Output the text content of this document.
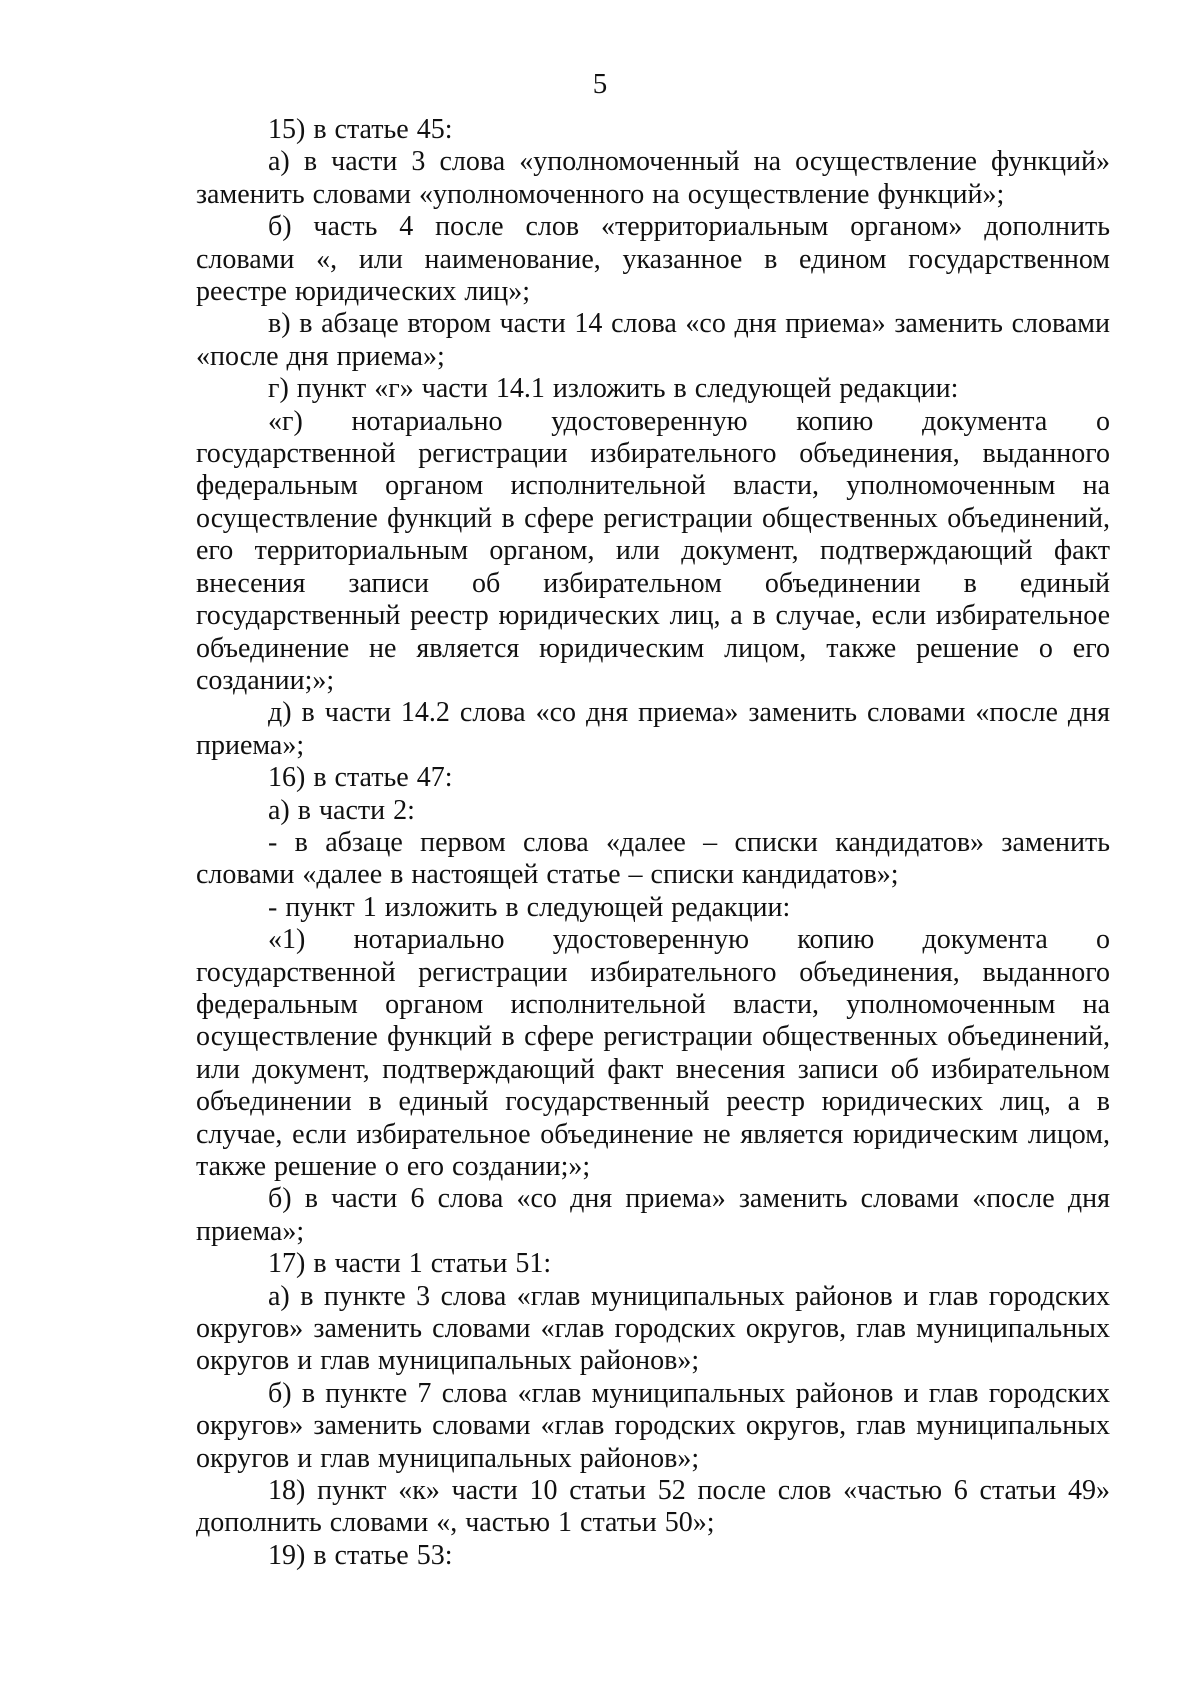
5

15) в статье 45:

а) в части 3 слова «уполномоченный на осуществление функций» заменить словами «уполномоченного на осуществление функций»;

б) часть 4 после слов «территориальным органом» дополнить словами «, или наименование, указанное в едином государственном реестре юридических лиц»;

в) в абзаце втором части 14 слова «со дня приема» заменить словами «после дня приема»;

г) пункт «г» части 14.1 изложить в следующей редакции:

«г) нотариально удостоверенную копию документа о государственной регистрации избирательного объединения, выданного федеральным органом исполнительной власти, уполномоченным на осуществление функций в сфере регистрации общественных объединений, его территориальным органом, или документ, подтверждающий факт внесения записи об избирательном объединении в единый государственный реестр юридических лиц, а в случае, если избирательное объединение не является юридическим лицом, также решение о его создании;»;

д) в части 14.2 слова «со дня приема» заменить словами «после дня приема»;

16) в статье 47:

а) в части 2:

- в абзаце первом слова «далее – списки кандидатов» заменить словами «далее в настоящей статье – списки кандидатов»;

- пункт 1 изложить в следующей редакции:

«1) нотариально удостоверенную копию документа о государственной регистрации избирательного объединения, выданного федеральным органом исполнительной власти, уполномоченным на осуществление функций в сфере регистрации общественных объединений, или документ, подтверждающий факт внесения записи об избирательном объединении в единый государственный реестр юридических лиц, а в случае, если избирательное объединение не является юридическим лицом, также решение о его создании;»;

б) в части 6 слова «со дня приема» заменить словами «после дня приема»;

17) в части 1 статьи 51:

а) в пункте 3 слова «глав муниципальных районов и глав городских округов» заменить словами «глав городских округов, глав муниципальных округов и глав муниципальных районов»;

б) в пункте 7 слова «глав муниципальных районов и глав городских округов» заменить словами «глав городских округов, глав муниципальных округов и глав муниципальных районов»;

18) пункт «к» части 10 статьи 52 после слов «частью 6 статьи 49» дополнить словами «, частью 1 статьи 50»;

19) в статье 53:
